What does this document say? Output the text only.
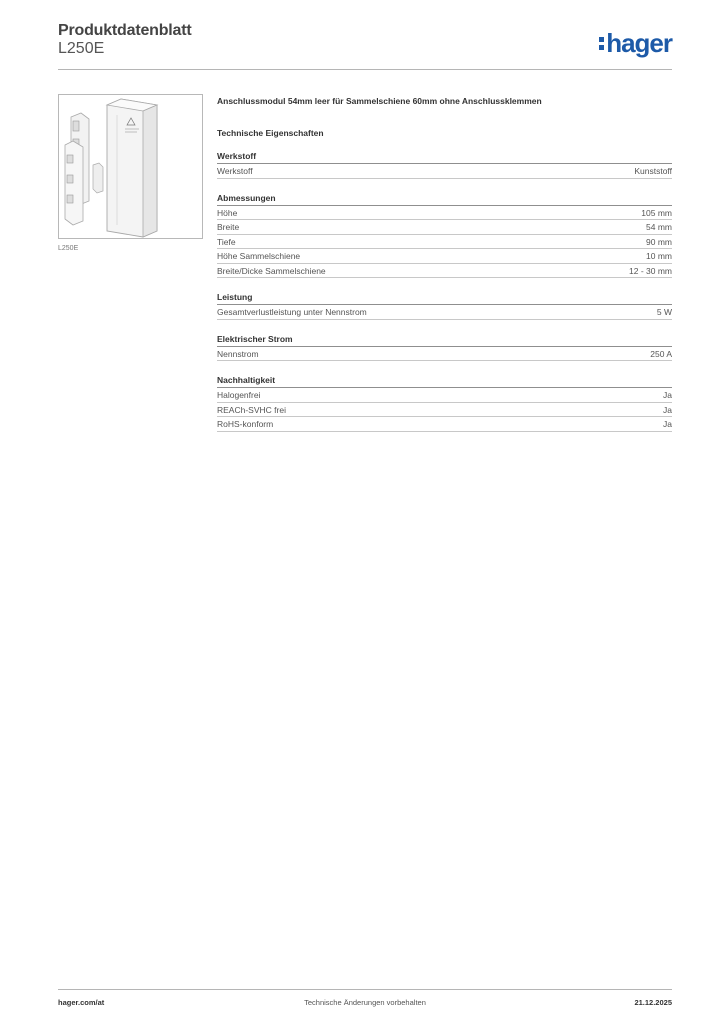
Produktdatenblatt
L250E	hager
L250E
Anschlussmodul 54mm leer für Sammelschiene 60mm ohne Anschlussklemmen
Technische Eigenschaften
Werkstoff
Werkstoff	Kunststoff
Abmessungen
Höhe	105 mm
Breite	54 mm
Tiefe	90 mm
Höhe Sammelschiene	10 mm
Breite/Dicke Sammelschiene	12 - 30 mm
Leistung
Gesamtverlustleistung unter Nennstrom	5 W
Elektrischer Strom
Nennstrom	250 A
Nachhaltigkeit
Halogenfrei	Ja
REACh-SVHC frei	Ja
RoHS-konform	Ja
Technische Änderungen vorbehalten
hager.com/at	21.12.2025
